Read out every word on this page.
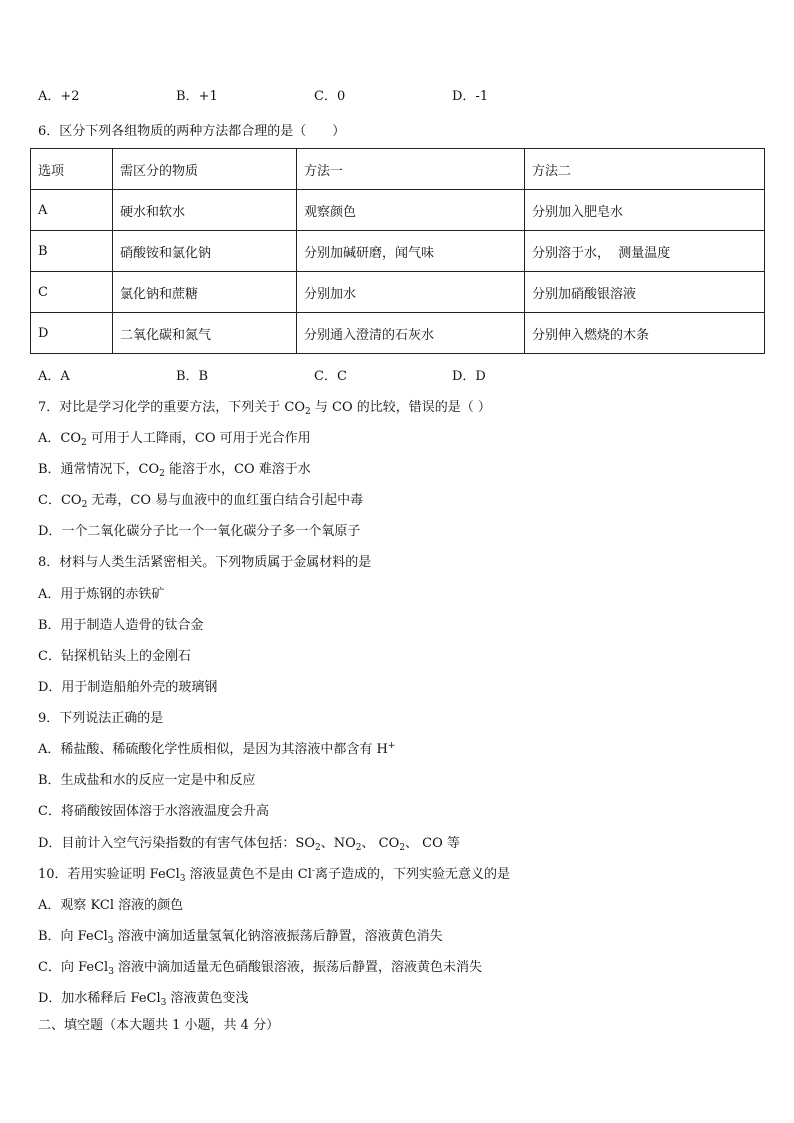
A．+2	B．+1	C．0	D．-1
6．区分下列各组物质的两种方法都合理的是（　　）
选项	需区分的物质	方法一	方法二
A	硬水和软水	观察颜色	分别加入肥皂水
B	硝酸铵和氯化钠	分别加碱研磨，闻气味	分别溶于水，  测量温度
C	氯化钠和蔗糖	分别加水	分别加硝酸银溶液
D	二氧化碳和氮气	分别通入澄清的石灰水	分别伸入燃烧的木条
A．A	B．B	C．C	D．D
7．对比是学习化学的重要方法，下列关于 $CO_2$ 与 CO 的比较，错误的是（ ）
A．$CO_2$ 可用于人工降雨，CO 可用于光合作用
B．通常情况下，$CO_2$ 能溶于水，CO 难溶于水
C．$CO_2$ 无毒，CO 易与血液中的血红蛋白结合引起中毒
D．一个二氧化碳分子比一个一氧化碳分子多一个氧原子
8．材料与人类生活紧密相关。下列物质属于金属材料的是
A．用于炼钢的赤铁矿
B．用于制造人造骨的钛合金
C．钻探机钻头上的金刚石
D．用于制造船舶外壳的玻璃钢
9．下列说法正确的是
A．稀盐酸、稀硫酸化学性质相似，是因为其溶液中都含有 H+
B．生成盐和水的反应一定是中和反应
C．将硝酸铵固体溶于水溶液温度会升高
D．目前计入空气污染指数的有害气体包括：$SO_2$、$NO_2$、 $CO_2$、 CO 等
10．若用实验证明 FeCl$_3$ 溶液显黄色不是由 Cl-离子造成的，下列实验无意义的是
A．观察 KCl 溶液的颜色
B．向 FeCl$_3$ 溶液中滴加适量氢氧化钠溶液振荡后静置，溶液黄色消失
C．向 FeCl$_3$ 溶液中滴加适量无色硝酸银溶液，振荡后静置，溶液黄色未消失
D．加水稀释后 FeCl$_3$ 溶液黄色变浅
二、填空题（本大题共 1 小题，共 4 分）
